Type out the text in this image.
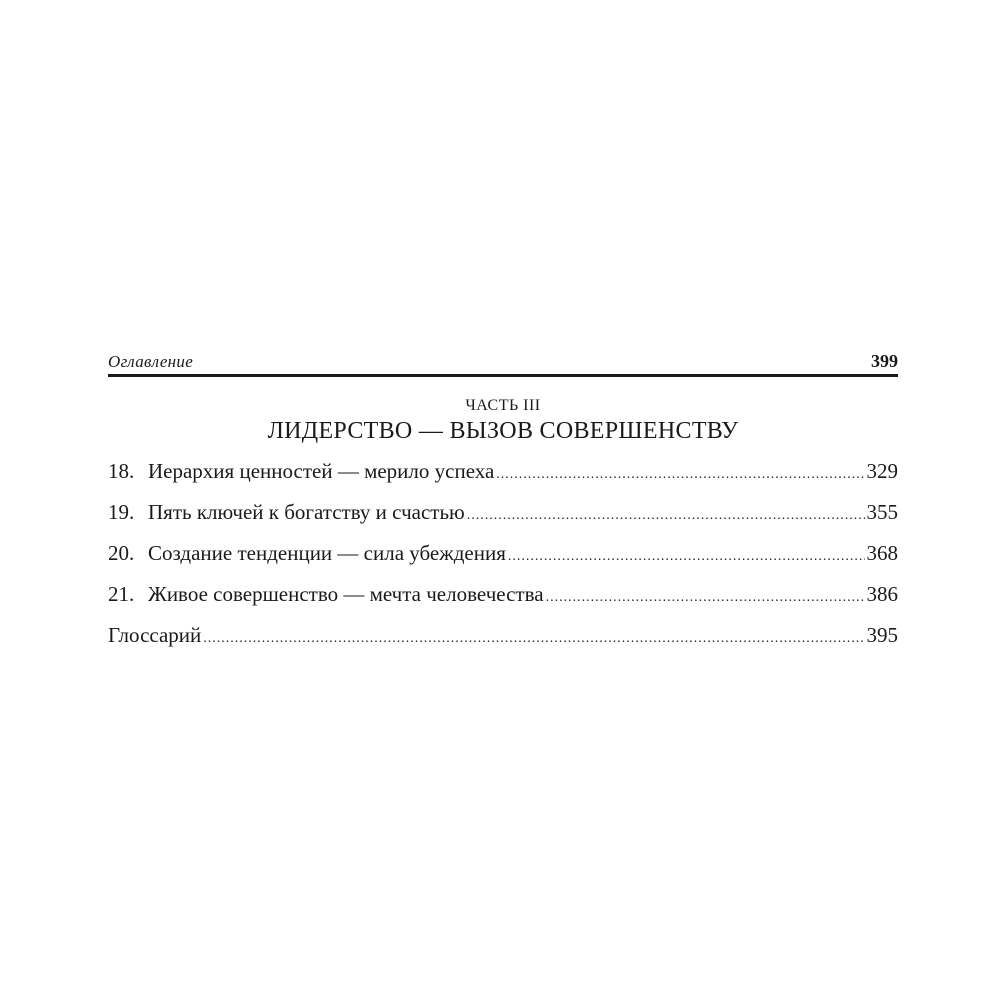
Оглавление	399
ЧАСТЬ III
ЛИДЕРСТВО — ВЫЗОВ СОВЕРШЕНСТВУ
18. Иерархия ценностей — мерило успеха .....	329
19. Пять ключей к богатству и счастью .....	355
20. Создание тенденции — сила убеждения .....	368
21. Живое совершенство — мечта человечества .....	386
Глоссарий .....	395
